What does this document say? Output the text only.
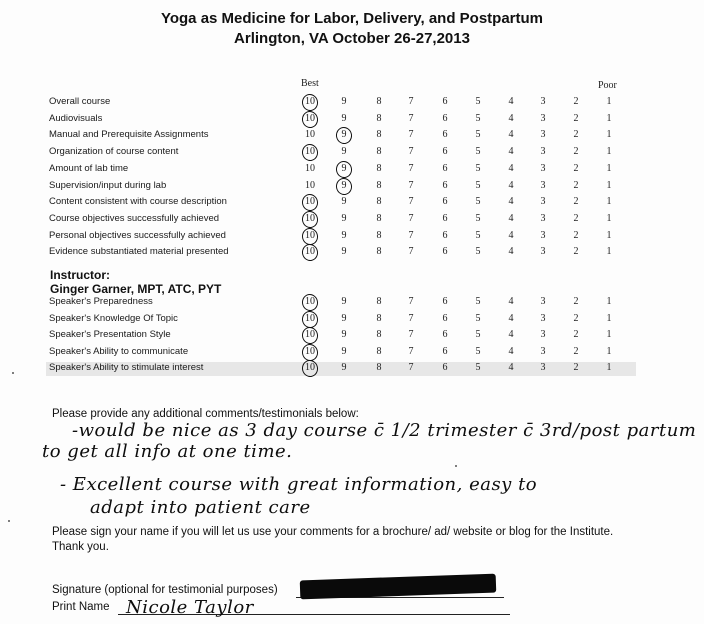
Yoga as Medicine for Labor, Delivery, and Postpartum
Arlington, VA October 26-27,2013
Best	Poor
Overall course	10	9	8	7	6	5	4	3	2	1
Audiovisuals	10	9	8	7	6	5	4	3	2	1
Manual and Prerequisite Assignments	10	9	8	7	6	5	4	3	2	1
Organization of course content	10	9	8	7	6	5	4	3	2	1
Amount of lab time	10	9	8	7	6	5	4	3	2	1
Supervision/input during lab	10	9	8	7	6	5	4	3	2	1
Content consistent with course description	10	9	8	7	6	5	4	3	2	1
Course objectives successfully achieved	10	9	8	7	6	5	4	3	2	1
Personal objectives successfully achieved	10	9	8	7	6	5	4	3	2	1
Evidence substantiated material presented	10	9	8	7	6	5	4	3	2	1
Instructor:
Ginger Garner, MPT, ATC, PYT
Speaker's Preparedness	10	9	8	7	6	5	4	3	2	1
Speaker's Knowledge Of Topic	10	9	8	7	6	5	4	3	2	1
Speaker's Presentation Style	10	9	8	7	6	5	4	3	2	1
Speaker's Ability to communicate	10	9	8	7	6	5	4	3	2	1
Speaker's Ability to stimulate interest	10	9	8	7	6	5	4	3	2	1
Please provide any additional comments/testimonials below:
-would be nice as 3 day course c̄ 1/2 trimester c̄ 3rd/post partum
to get all info at one time.
- Excellent course with great information, easy to
adapt into patient care
Please sign your name if you will let us use your comments for a brochure/ ad/ website or blog for the Institute.
Thank you.
Signature (optional for testimonial purposes)
Print Name Nicole Taylor
